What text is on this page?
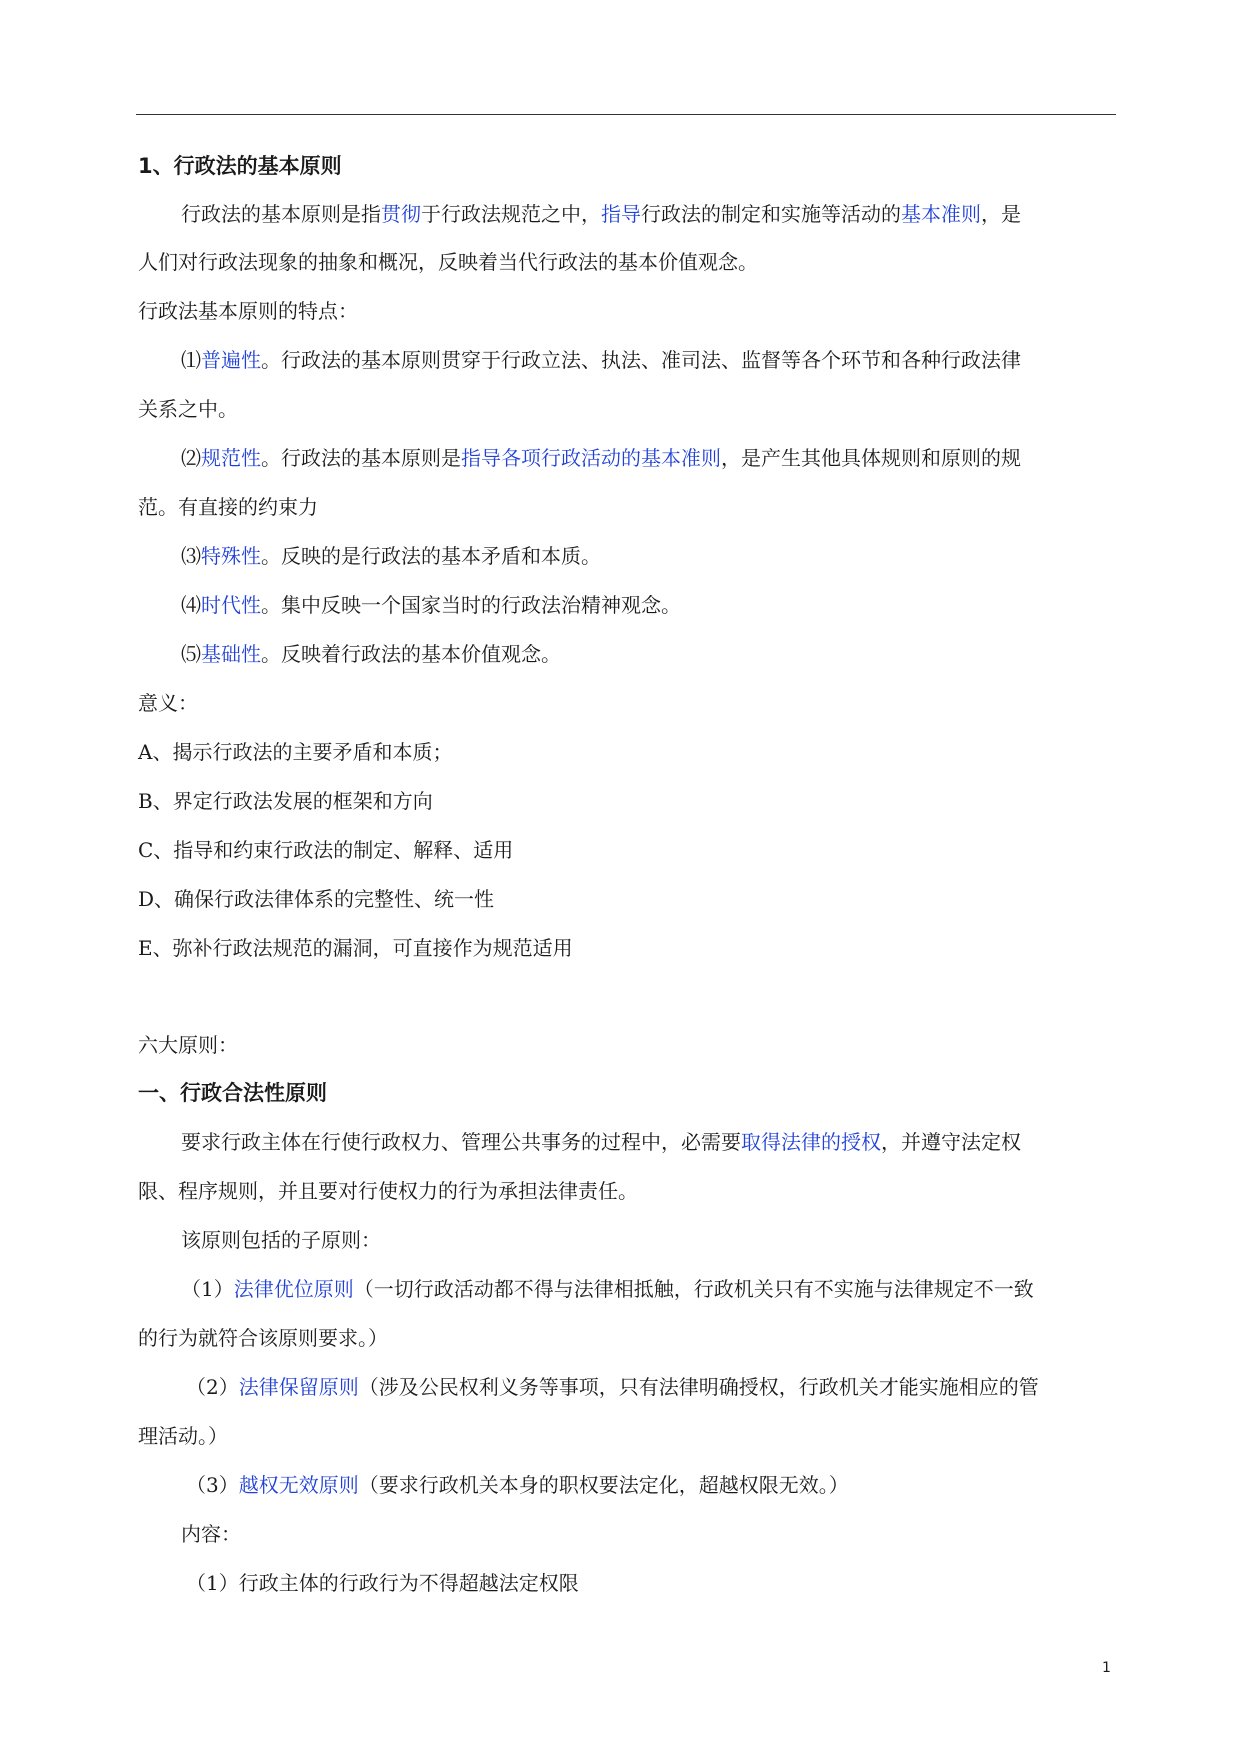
1、行政法的基本原则
行政法的基本原则是指贯彻于行政法规范之中，指导行政法的制定和实施等活动的基本准则，是
人们对行政法现象的抽象和概况，反映着当代行政法的基本价值观念。
行政法基本原则的特点：
⑴普遍性。行政法的基本原则贯穿于行政立法、执法、准司法、监督等各个环节和各种行政法律
关系之中。
⑵规范性。行政法的基本原则是指导各项行政活动的基本准则，是产生其他具体规则和原则的规
范。有直接的约束力
⑶特殊性。反映的是行政法的基本矛盾和本质。
⑷时代性。集中反映一个国家当时的行政法治精神观念。
⑸基础性。反映着行政法的基本价值观念。
意义：
A、揭示行政法的主要矛盾和本质；
B、界定行政法发展的框架和方向
C、指导和约束行政法的制定、解释、适用
D、确保行政法律体系的完整性、统一性
E、弥补行政法规范的漏洞，可直接作为规范适用
六大原则：
一、行政合法性原则
要求行政主体在行使行政权力、管理公共事务的过程中，必需要取得法律的授权，并遵守法定权
限、程序规则，并且要对行使权力的行为承担法律责任。
该原则包括的子原则：
（1）法律优位原则（一切行政活动都不得与法律相抵触，行政机关只有不实施与法律规定不一致
的行为就符合该原则要求。）
（2）法律保留原则（涉及公民权利义务等事项，只有法律明确授权，行政机关才能实施相应的管
理活动。）
（3）越权无效原则（要求行政机关本身的职权要法定化，超越权限无效。）
内容：
（1）行政主体的行政行为不得超越法定权限
1
